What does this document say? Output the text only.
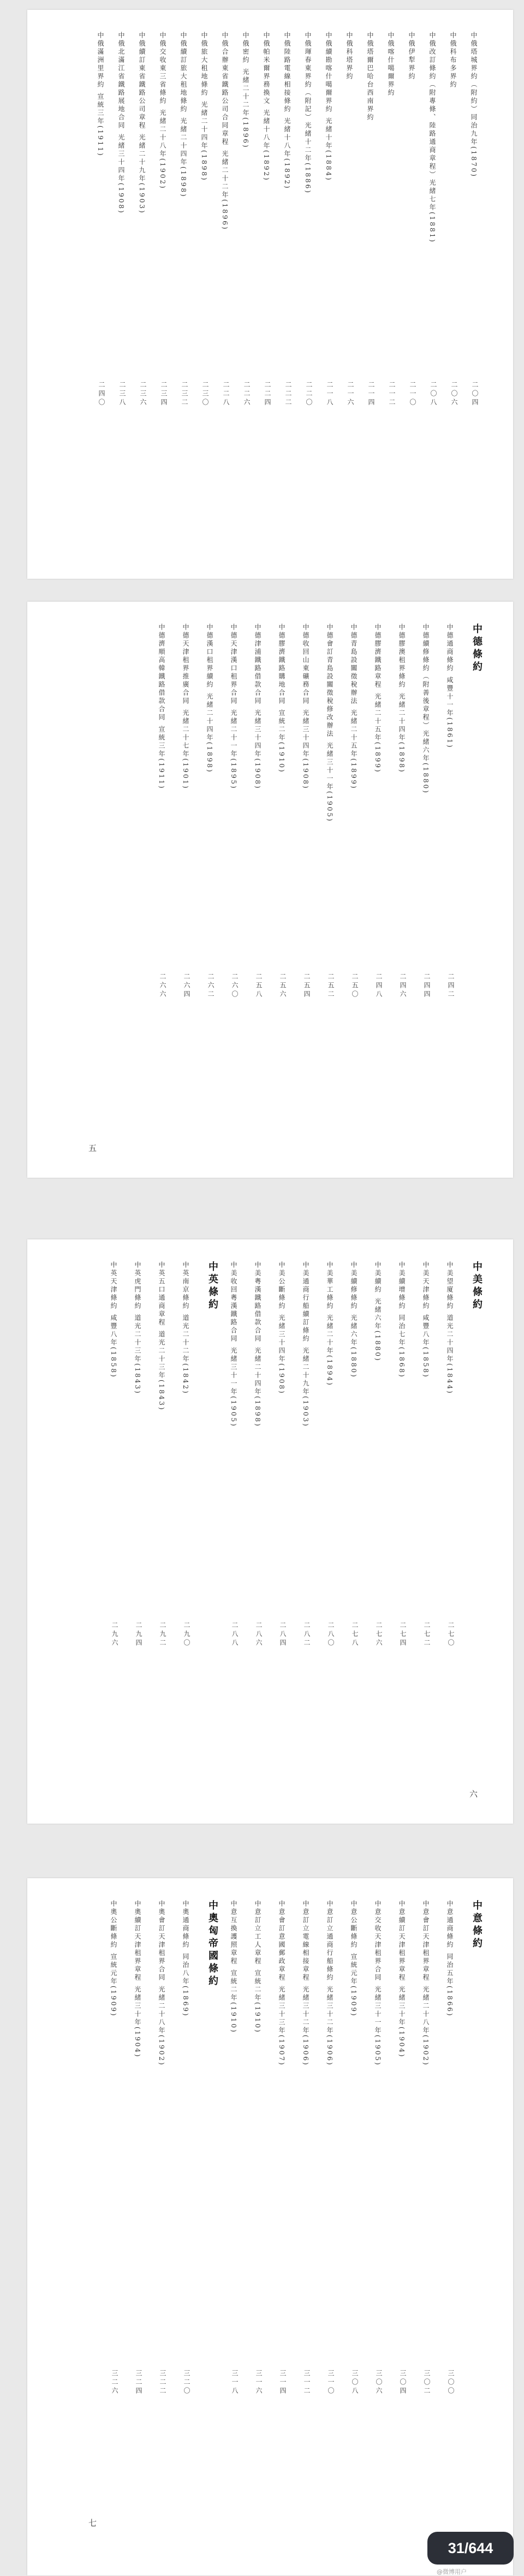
中俄塔城界約（附約）同治九年(1870)
二〇四
中俄科布多界約
二〇六
中俄改訂條約（附專條、陸路通商章程）光緒七年(1881)
二〇八
中俄伊犁界約
二一〇
中俄喀什噶爾界約
二一二
中俄塔爾巴哈台西南界約
二一四
中俄科塔界約
二一六
中俄續勘喀什噶爾界約 光緒十年(1884)
二一八
中俄琿春東界約（附記）光緒十二年(1886)
二二〇
中俄陸路電線相接條約 光緒十八年(1892)
二二二
中俄帕米爾界務換文 光緒十八年(1892)
二二四
中俄密約 光緒二十二年(1896)
二二六
中俄合辦東省鐵路公司合同章程 光緒二十二年(1896)
二二八
中俄旅大租地條約 光緒二十四年(1898)
二三〇
中俄續訂旅大租地條約 光緒二十四年(1898)
二三二
中俄交收東三省條約 光緒二十八年(1902)
二三四
中俄續訂東省鐵路公司章程 光緒二十九年(1903)
二三六
中俄北滿江省鐵路展地合同 光緒三十四年(1908)
二三八
中俄滿洲里界約 宣統三年(1911)
二四〇
五
中德條約
中德通商條約 咸豐十一年(1861)
二四二
中德續修條約（附善後章程）光緒六年(1880)
二四四
中德膠澳租界條約 光緒二十四年(1898)
二四六
中德膠濟鐵路章程 光緒二十五年(1899)
二四八
中德青島設關徵稅辦法 光緒二十五年(1899)
二五〇
中德會訂青島設關徵稅修改辦法 光緒三十一年(1905)
二五二
中德收回山東礦務合同 光緒三十四年(1908)
二五四
中德膠濟鐵路購地合同 宣統二年(1910)
二五六
中德津浦鐵路借款合同 光緒三十四年(1908)
二五八
中德天津漢口租界合同 光緒二十一年(1895)
二六〇
中德漢口租界續約 光緒二十四年(1898)
二六二
中德天津租界推廣合同 光緒二十七年(1901)
二六四
中德濟順高韓鐵路借款合同 宣統三年(1911)
二六六
六
中美條約
中美望廈條約 道光二十四年(1844)
二七〇
中美天津條約 咸豐八年(1858)
二七二
中美續增條約 同治七年(1868)
二七四
中美續約 光緒六年(1880)
二七六
中美續修條約 光緒六年(1880)
二七八
中美華工條約 光緒二十年(1894)
二八〇
中美通商行船續訂條約 光緒二十九年(1903)
二八二
中美公斷條約 光緒三十四年(1908)
二八四
中美粵漢鐵路借款合同 光緒二十四年(1898)
二八六
中美收回粵漢鐵路合同 光緒三十一年(1905)
二八八
中英條約
中英南京條約 道光二十二年(1842)
二九〇
中英五口通商章程 道光二十三年(1843)
二九二
中英虎門條約 道光二十三年(1843)
二九四
中英天津條約 咸豐八年(1858)
二九六
七
中意條約
中意通商條約 同治五年(1866)
三〇〇
中意會訂天津租界章程 光緒二十八年(1902)
三〇二
中意續訂天津租界章程 光緒三十年(1904)
三〇四
中意交收天津租界合同 光緒三十一年(1905)
三〇六
中意公斷條約 宣統元年(1909)
三〇八
中意訂立通商行船條約 光緒三十二年(1906)
三一〇
中意訂立電線相接章程 光緒三十二年(1906)
三一二
中意會訂意國郵政章程 光緒三十三年(1907)
三一四
中意訂立工人章程 宣統二年(1910)
三一六
中意互換護照章程 宣統二年(1910)
三一八
中奧匈帝國條約
中奧通商條約 同治八年(1869)
三二〇
中奧會訂天津租界合同 光緒二十八年(1902)
三二二
中奧續訂天津租界章程 光緒三十年(1904)
三二四
中奧公斷條約 宣統元年(1909)
三二六
31/644
@微博用户
